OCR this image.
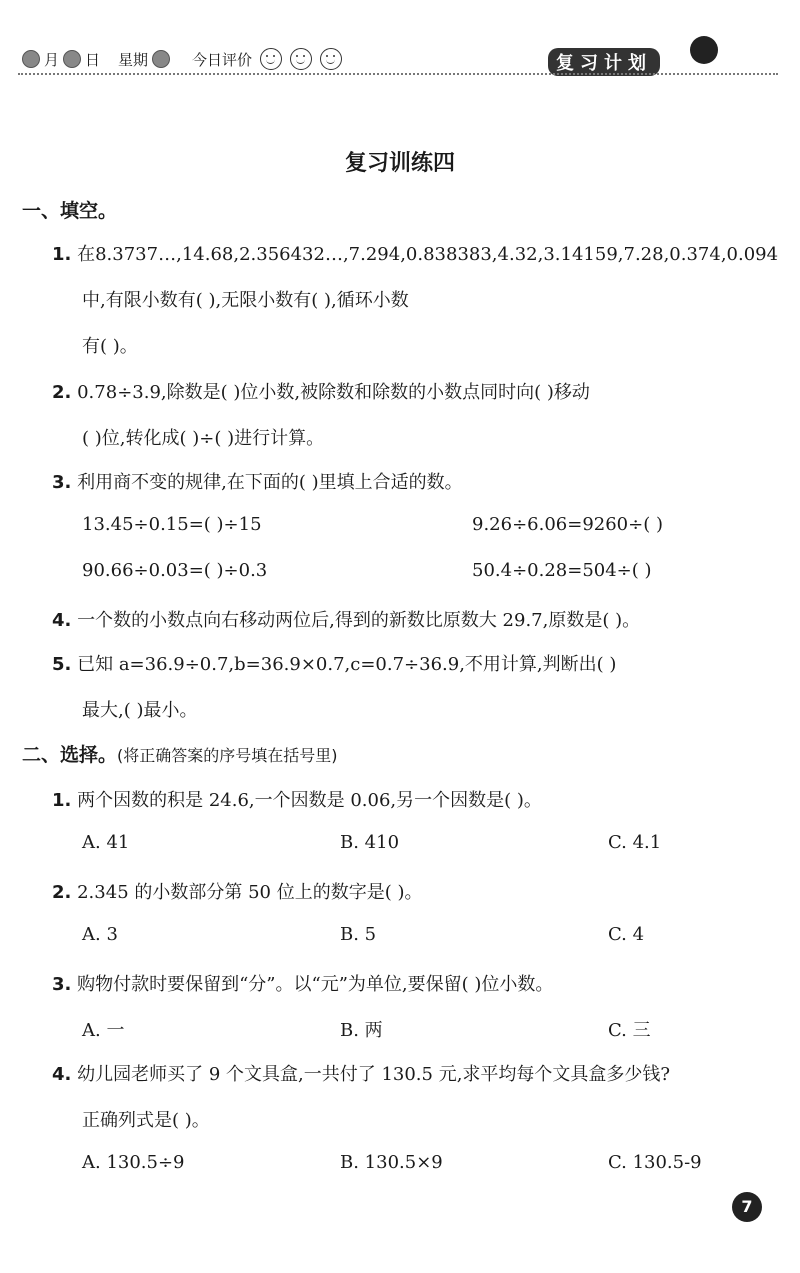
月 日 星期	今日评价	复习计划
复习训练四
一、填空。
1. 在8.3737…,14.68,2.356432…,7.294,0.838383,4.32,3.14159,7.28,0.374,0.094
中,有限小数有( ),无限小数有( ),循环小数
有( )。
2. 0.78÷3.9,除数是( )位小数,被除数和除数的小数点同时向( )移动
( )位,转化成( )÷( )进行计算。
3. 利用商不变的规律,在下面的( )里填上合适的数。
13.45÷0.15=( )÷15	9.26÷6.06=9260÷( )
90.66÷0.03=( )÷0.3	50.4÷0.28=504÷( )
4. 一个数的小数点向右移动两位后,得到的新数比原数大 29.7,原数是( )。
5. 已知 a=36.9÷0.7,b=36.9×0.7,c=0.7÷36.9,不用计算,判断出( )
最大,( )最小。
二、选择。(将正确答案的序号填在括号里)
1. 两个因数的积是 24.6,一个因数是 0.06,另一个因数是( )。
A. 41	B. 410	C. 4.1
2. 2.345 的小数部分第 50 位上的数字是( )。
A. 3	B. 5	C. 4
3. 购物付款时要保留到“分”。以“元”为单位,要保留( )位小数。
A. 一	B. 两	C. 三
4. 幼儿园老师买了 9 个文具盒,一共付了 130.5 元,求平均每个文具盒多少钱?
正确列式是( )。
A. 130.5÷9	B. 130.5×9	C. 130.5-9
7
